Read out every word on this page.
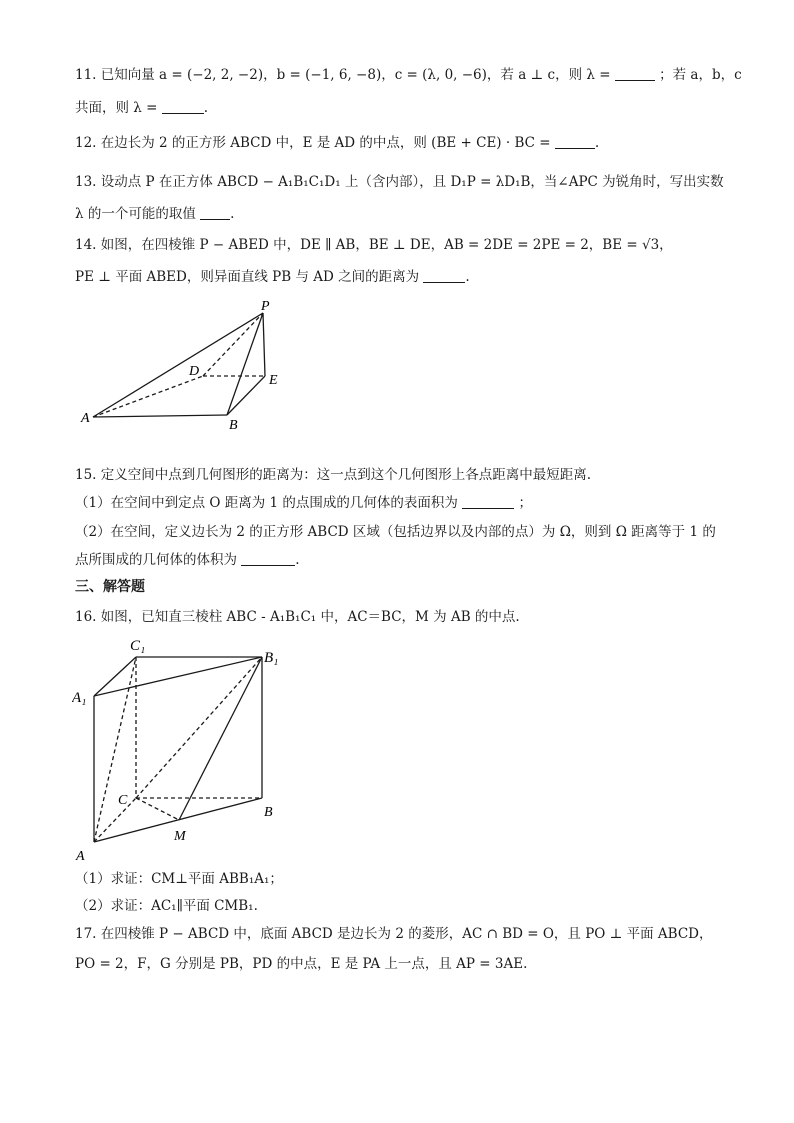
11. 已知向量 a = (−2, 2, −2)，b = (−1, 6, −8)，c = (λ, 0, −6)，若 a ⊥ c，则 λ =	；若 a，b，c
共面，则 λ =	.
12. 在边长为 2 的正方形 ABCD 中，E 是 AD 的中点，则 (BE + CE) · BC =	.
13. 设动点 P 在正方体 ABCD − A₁B₁C₁D₁ 上（含内部），且 D₁P = λD₁B，当∠APC 为锐角时，写出实数
λ 的一个可能的取值	.
14. 如图，在四棱锥 P − ABED 中，DE ∥ AB，BE ⊥ DE，AB = 2DE = 2PE = 2，BE = √3，
PE ⊥ 平面 ABED，则异面直线 PB 与 AD 之间的距离为	.
P
D
E
A	B
15. 定义空间中点到几何图形的距离为：这一点到这个几何图形上各点距离中最短距离.
（1）在空间中到定点 O 距离为 1 的点围成的几何体的表面积为	；
（2）在空间，定义边长为 2 的正方形 ABCD 区域（包括边界以及内部的点）为 Ω，则到 Ω 距离等于 1 的
点所围成的几何体的体积为	.
三、解答题
16. 如图，已知直三棱柱 ABC - A₁B₁C₁ 中，AC＝BC，M 为 AB 的中点.
C₁
B₁
A₁
C
B
M
A
（1）求证：CM⊥平面 ABB₁A₁；
（2）求证：AC₁∥平面 CMB₁.
17. 在四棱锥 P − ABCD 中，底面 ABCD 是边长为 2 的菱形，AC ∩ BD = O，且 PO ⊥ 平面 ABCD，
PO = 2，F，G 分别是 PB，PD 的中点，E 是 PA 上一点，且 AP = 3AE.
